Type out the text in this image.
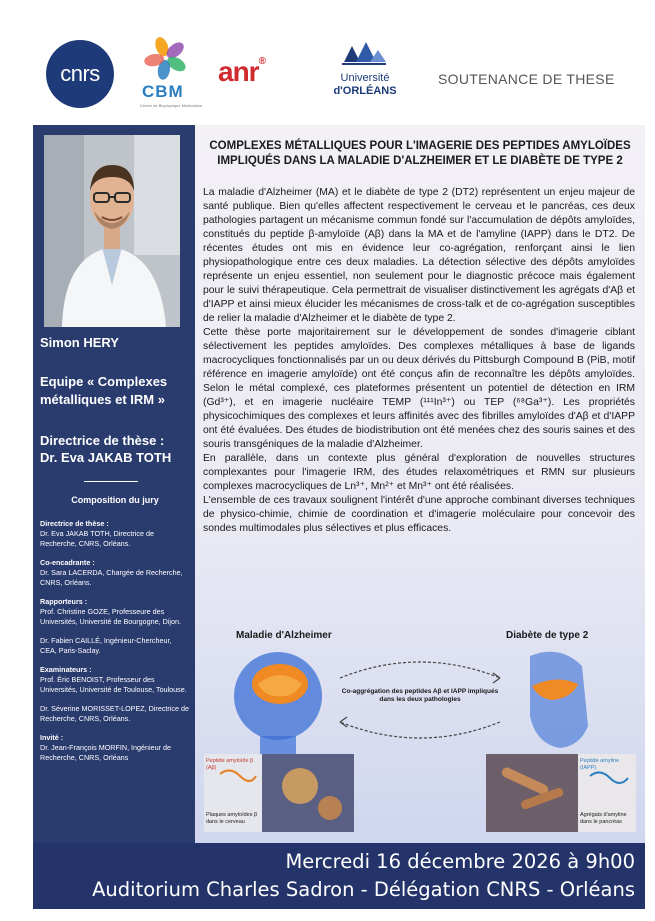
cnrs
CBM
Centre de Biophysique Moléculaire
anr®
Université
d'ORLÉANS
SOUTENANCE DE THESE
Simon HERY
Equipe « Complexes métalliques et IRM »
Directrice de thèse :
Dr. Eva JAKAB TOTH
Composition du jury
Directrice de thèse :
Dr. Eva JAKAB TOTH, Directrice de Recherche, CNRS, Orléans.
Co-encadrante :
Dr. Sara LACERDA, Chargée de Recherche, CNRS, Orléans.
Rapporteurs :
Prof. Christine GOZE, Professeure des Universités, Université de Bourgogne, Dijon.
Dr. Fabien CAILLÉ, Ingénieur-Chercheur, CEA, Paris-Saclay.
Examinateurs :
Prof. Éric BENOIST, Professeur des Universités, Université de Toulouse, Toulouse.
Dr. Séverine MORISSET-LOPEZ, Directrice de Recherche, CNRS, Orléans.
Invité :
Dr. Jean-François MORFIN, Ingénieur de Recherche, CNRS, Orléans
COMPLEXES MÉTALLIQUES POUR L'IMAGERIE DES PEPTIDES AMYLOÏDES
IMPLIQUÉS DANS LA MALADIE D'ALZHEIMER ET LE DIABÈTE DE TYPE 2

La maladie d'Alzheimer (MA) et le diabète de type 2 (DT2) représentent un enjeu majeur de santé publique. Bien qu'elles affectent respectivement le cerveau et le pancréas, ces deux pathologies partagent un mécanisme commun fondé sur l'accumulation de dépôts amyloïdes, constitués du peptide β-amyloïde (Aβ) dans la MA et de l'amyline (IAPP) dans le DT2. De récentes études ont mis en évidence leur co-agrégation, renforçant ainsi le lien physiopathologique entre ces deux maladies. La détection sélective des dépôts amyloïdes représente un enjeu essentiel, non seulement pour le diagnostic précoce mais également pour le suivi thérapeutique. Cela permettrait de visualiser distinctivement les agrégats d'Aβ et d'IAPP et ainsi mieux élucider les mécanismes de cross-talk et de co-agrégation susceptibles de relier la maladie d'Alzheimer et le diabète de type 2.

Cette thèse porte majoritairement sur le développement de sondes d'imagerie ciblant sélectivement les peptides amyloïdes. Des complexes métalliques à base de ligands macrocycliques fonctionnalisés par un ou deux dérivés du Pittsburgh Compound B (PiB, motif référence en imagerie amyloïde) ont été conçus afin de reconnaître les dépôts amyloïdes. Selon le métal complexé, ces plateformes présentent un potentiel de détection en IRM (Gd³⁺), et en imagerie nucléaire TEMP (¹¹¹In³⁺) ou TEP (⁶⁸Ga³⁺). Les propriétés physicochimiques des complexes et leurs affinités avec des fibrilles amyloïdes d'Aβ et d'IAPP ont été évaluées. Des études de biodistribution ont été menées chez des souris saines et des souris transgéniques de la maladie d'Alzheimer.

En parallèle, dans un contexte plus général d'exploration de nouvelles structures complexantes pour l'imagerie IRM, des études relaxométriques et RMN sur plusieurs complexes macrocycliques de Ln³⁺, Mn²⁺ et Mn³⁺ ont été réalisées.

L'ensemble de ces travaux soulignent l'intérêt d'une approche combinant diverses techniques de physico-chimie, chimie de coordination et d'imagerie moléculaire pour concevoir des sondes multimodales plus sélectives et plus efficaces.

Maladie d'Alzheimer	Diabète de type 2
Co-aggrégation des peptides Aβ et IAPP impliqués dans les deux pathologies
Peptide amyloïde β (Aβ)
Plaques amyloïdes β dans le cerveau
Peptide amyline (IAPP)
Agrégats d'amyline dans le pancréas
Mercredi 16 décembre 2026 à 9h00
Auditorium Charles Sadron - Délégation CNRS - Orléans
